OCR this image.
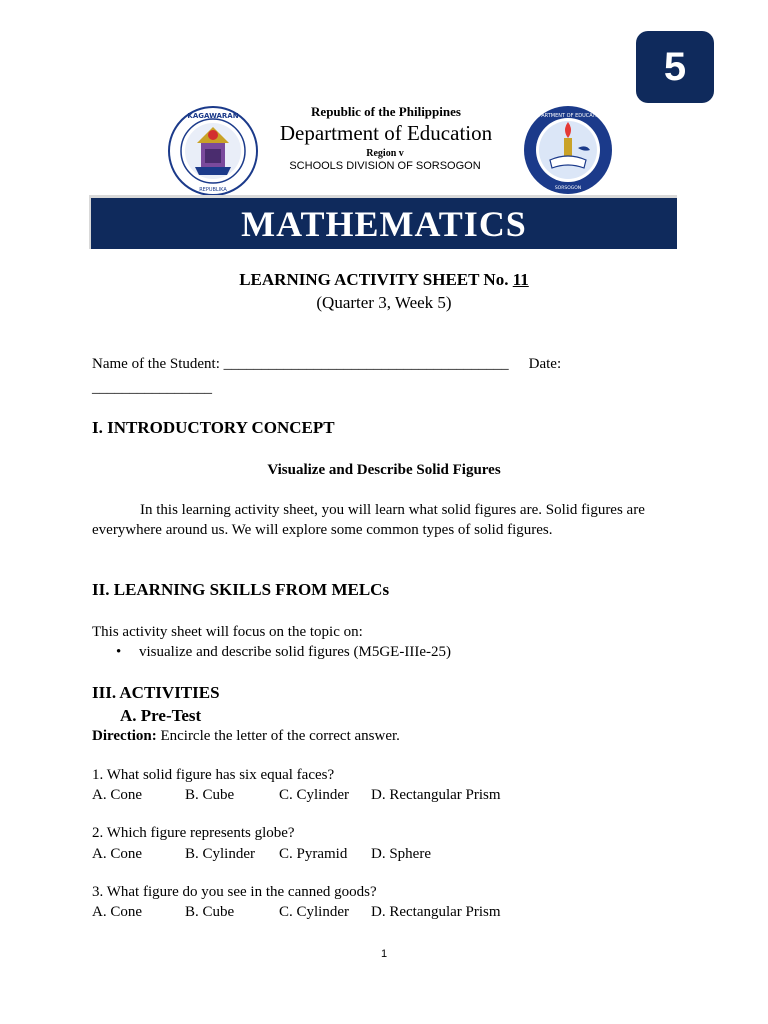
5
KAGAWARAN
REPUBLIKA
DEPARTMENT OF EDUCATION
SORSOGON
Republic of the Philippines
Department of Education
Region v
SCHOOLS DIVISION OF SORSOGON
MATHEMATICS
LEARNING ACTIVITY SHEET No. 11
(Quarter 3, Week 5)
Name of the Student: ______________________________________ Date:
________________
I. INTRODUCTORY CONCEPT
Visualize and Describe Solid Figures
In this learning activity sheet, you will learn what solid figures are. Solid figures are everywhere around us. We will explore some common types of solid figures.
II. LEARNING SKILLS FROM MELCs
This activity sheet will focus on the topic on:
• visualize and describe solid figures (M5GE-IIIe-25)
III. ACTIVITIES
A. Pre-Test
Direction: Encircle the letter of the correct answer.
1. What solid figure has six equal faces?
A. Cone	B. Cube	C. Cylinder	D. Rectangular Prism
2. Which figure represents globe?
A. Cone	B. Cylinder	C. Pyramid	D. Sphere
3. What figure do you see in the canned goods?
A. Cone	B. Cube	C. Cylinder	D. Rectangular Prism
1
